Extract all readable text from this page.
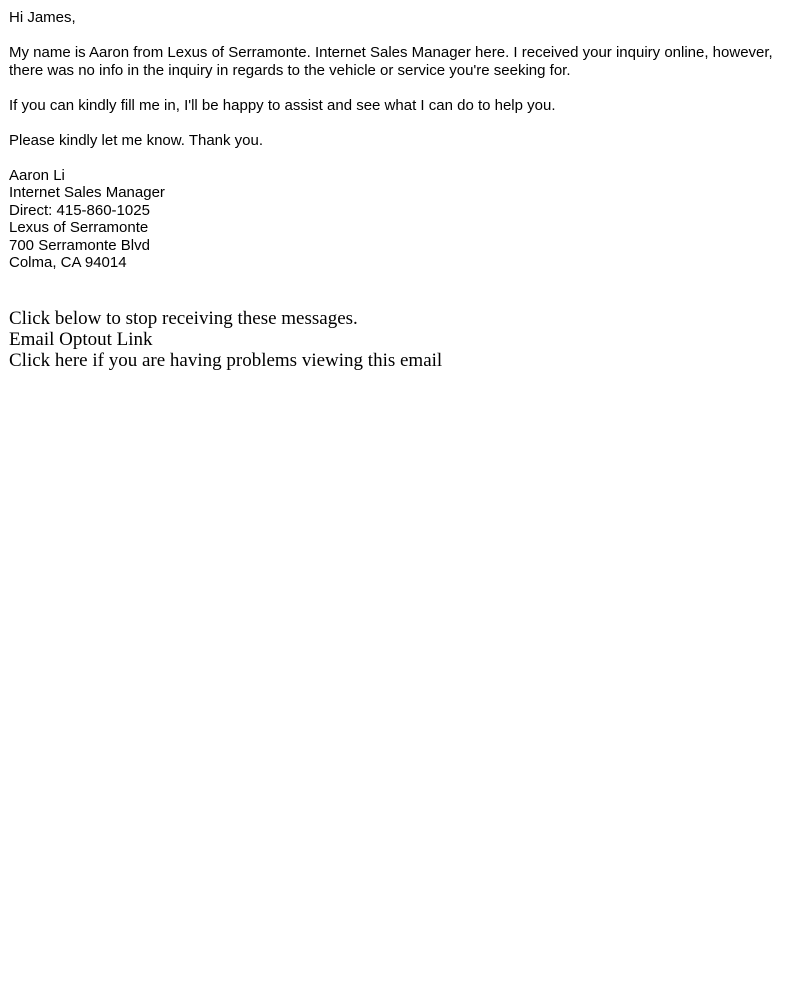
Hi James,

My name is Aaron from Lexus of Serramonte. Internet Sales Manager here. I received your inquiry online, however, there was no info in the inquiry in regards to the vehicle or service you're seeking for.

If you can kindly fill me in, I'll be happy to assist and see what I can do to help you.

Please kindly let me know. Thank you.

Aaron Li
Internet Sales Manager
Direct: 415-860-1025
Lexus of Serramonte
700 Serramonte Blvd
Colma, CA 94014
Click below to stop receiving these messages.
Email Optout Link
Click here if you are having problems viewing this email
